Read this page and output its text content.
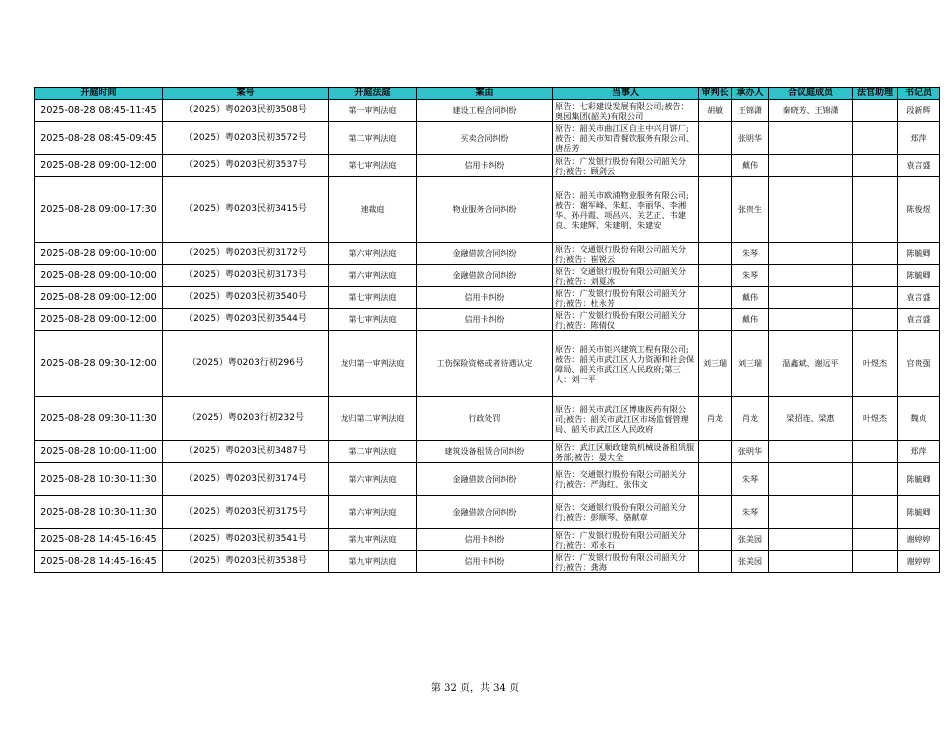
开庭时间	案号	开庭法庭	案由	当事人	审判长	承办人	合议庭成员	法官助理	书记员
2025-08-28 08:45-11:45	（2025）粤0203民初3508号	第一审判法庭	建设工程合同纠纷	原告：七彩建设发展有限公司;被告：奥园集团(韶关)有限公司	胡敏	王锦潇	秦晓芳、王锦潇		段新辉
2025-08-28 08:45-09:45	（2025）粤0203民初3572号	第二审判法庭	买卖合同纠纷	原告：韶关市曲江区自主中兴月饼厂;被告：韶关市知青餐饮服务有限公司、唐岳芳		张明华			郑萍
2025-08-28 09:00-12:00	（2025）粤0203民初3537号	第七审判法庭	信用卡纠纷	原告：广发银行股份有限公司韶关分行;被告：顾剑云		戴伟			袁言盛
2025-08-28 09:00-17:30	（2025）粤0203民初3415号	速裁庭	物业服务合同纠纷	原告：韶关市欧浦物业服务有限公司;被告：谢军峰、朱虹、李丽华、李湘华、孙丹霞、项昌兴、关艺正、韦建良、朱建辉、朱建明、朱建安		张贵生			陈俊煜
2025-08-28 09:00-10:00	（2025）粤0203民初3172号	第六审判法庭	金融借款合同纠纷	原告：交通银行股份有限公司韶关分行;被告：崔锐云		朱琴			陈毓卿
2025-08-28 09:00-10:00	（2025）粤0203民初3173号	第六审判法庭	金融借款合同纠纷	原告：交通银行股份有限公司韶关分行;被告：刘夏冰		朱琴			陈毓卿
2025-08-28 09:00-12:00	（2025）粤0203民初3540号	第七审判法庭	信用卡纠纷	原告：广发银行股份有限公司韶关分行;被告：杜永芳		戴伟			袁言盛
2025-08-28 09:00-12:00	（2025）粤0203民初3544号	第七审判法庭	信用卡纠纷	原告：广发银行股份有限公司韶关分行;被告：陈倩仪		戴伟			袁言盛
2025-08-28 09:30-12:00	（2025）粤0203行初296号	龙归第一审判法庭	工伤保险资格或者待遇认定	原告：韶关市钜兴建筑工程有限公司;被告：韶关市武江区人力资源和社会保障局、韶关市武江区人民政府;第三人：刘一平	刘三瑞	刘三瑞	温鑫斌、谢远平	叶煜杰	官贵强
2025-08-28 09:30-11:30	（2025）粤0203行初232号	龙归第二审判法庭	行政处罚	原告：韶关市武江区博康医药有限公司;被告：韶关市武江区市场监督管理局、韶关市武江区人民政府	肖龙	肖龙	梁招连、梁惠	叶煜杰	魏贞
2025-08-28 10:00-11:00	（2025）粤0203民初3487号	第二审判法庭	建筑设备租赁合同纠纷	原告：武江区顺政建筑机械设备租赁服务部;被告：晏大全		张明华			郑萍
2025-08-28 10:30-11:30	（2025）粤0203民初3174号	第六审判法庭	金融借款合同纠纷	原告：交通银行股份有限公司韶关分行;被告：严海红、张伟文		朱琴			陈毓卿
2025-08-28 10:30-11:30	（2025）粤0203民初3175号	第六审判法庭	金融借款合同纠纷	原告：交通银行股份有限公司韶关分行;被告：彭顺琴、骆献章		朱琴			陈毓卿
2025-08-28 14:45-16:45	（2025）粤0203民初3541号	第九审判法庭	信用卡纠纷	原告：广发银行股份有限公司韶关分行;被告：邓永石		张美园			谢婷婷
2025-08-28 14:45-16:45	（2025）粤0203民初3538号	第九审判法庭	信用卡纠纷	原告：广发银行股份有限公司韶关分行;被告：龚海		张美园			谢婷婷
第 32 页，共 34 页
